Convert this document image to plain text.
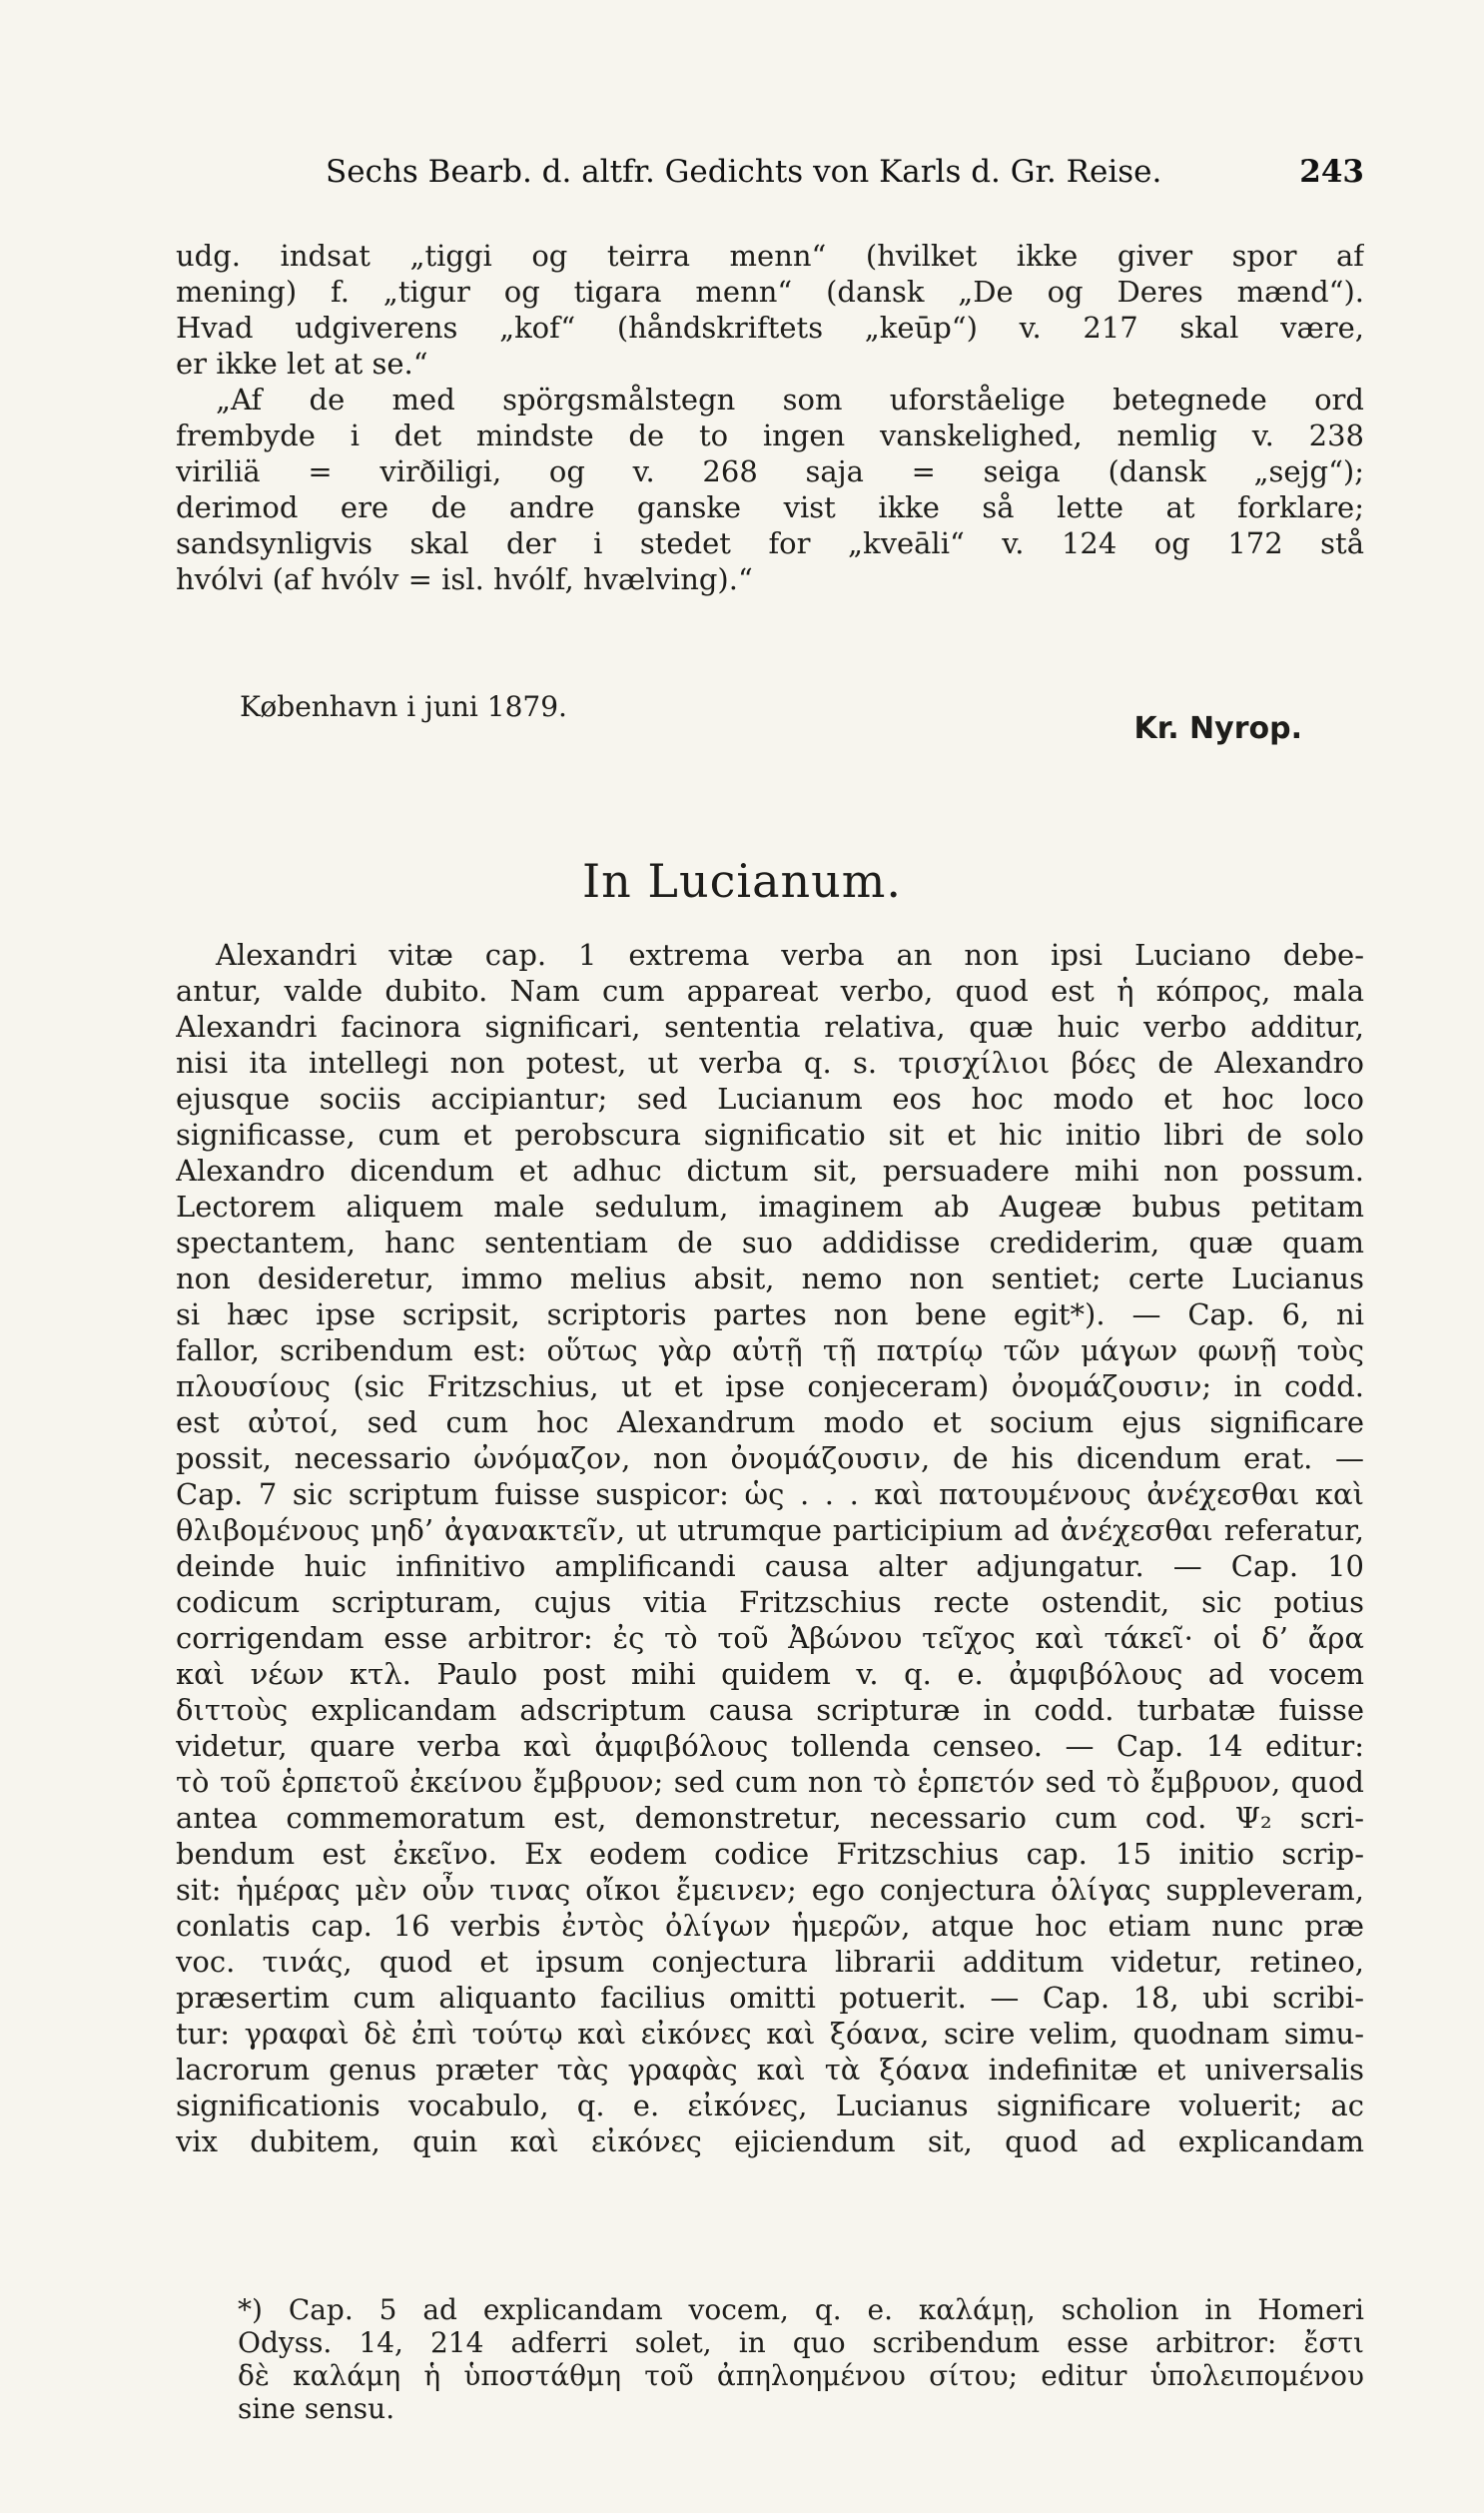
Sechs Bearb. d. altfr. Gedichts von Karls d. Gr. Reise.	243
udg. indsat „tiggi og teirra menn“ (hvilket ikke giver spor af
mening) f. „tigur og tigara menn“ (dansk „De og Deres mænd“).
Hvad udgiverens „kof“ (håndskriftets „keūp“) v. 217 skal være,
er ikke let at se.“
„Af de med spörgsmålstegn som uforståelige betegnede ord
frembyde i det mindste de to ingen vanskelighed, nemlig v. 238
viriliä = virðiligi, og v. 268 saja = seiga (dansk „sejg“);
derimod ere de andre ganske vist ikke så lette at forklare;
sandsynligvis skal der i stedet for „kveāli“ v. 124 og 172 stå
hvólvi (af hvólv = isl. hvólf, hvælving).“
København i juni 1879.
Kr. Nyrop.
In Lucianum.
Alexandri vitæ cap. 1 extrema verba an non ipsi Luciano debe-
antur, valde dubito. Nam cum appareat verbo, quod est ἡ κόπρος, mala
Alexandri facinora significari, sententia relativa, quæ huic verbo additur,
nisi ita intellegi non potest, ut verba q. s. τρισχίλιοι βόες de Alexandro
ejusque sociis accipiantur; sed Lucianum eos hoc modo et hoc loco
significasse, cum et perobscura significatio sit et hic initio libri de solo
Alexandro dicendum et adhuc dictum sit, persuadere mihi non possum.
Lectorem aliquem male sedulum, imaginem ab Augeæ bubus petitam
spectantem, hanc sententiam de suo addidisse crediderim, quæ quam
non desideretur, immo melius absit, nemo non sentiet; certe Lucianus
si hæc ipse scripsit, scriptoris partes non bene egit*). — Cap. 6, ni
fallor, scribendum est: οὕτως γὰρ αὐτῇ τῇ πατρίῳ τῶν μάγων φωνῇ τοὺς
πλουσίους (sic Fritzschius, ut et ipse conjeceram) ὀνομάζουσιν; in codd.
est αὐτοί, sed cum hoc Alexandrum modo et socium ejus significare
possit, necessario ὠνόμαζον, non ὀνομάζουσιν, de his dicendum erat. —
Cap. 7 sic scriptum fuisse suspicor: ὡς . . . καὶ πατουμένους ἀνέχεσθαι καὶ
θλιβομένους μηδ’ ἀγανακτεῖν, ut utrumque participium ad ἀνέχεσθαι referatur,
deinde huic infinitivo amplificandi causa alter adjungatur. — Cap. 10
codicum scripturam, cujus vitia Fritzschius recte ostendit, sic potius
corrigendam esse arbitror: ἐς τὸ τοῦ Ἀβώνου τεῖχος καὶ τάκεῖ· οἱ δ’ ἄρα
καὶ νέων κτλ. Paulo post mihi quidem v. q. e. ἀμφιβόλους ad vocem
διττοὺς explicandam adscriptum causa scripturæ in codd. turbatæ fuisse
videtur, quare verba καὶ ἀμφιβόλους tollenda censeo. — Cap. 14 editur:
τὸ τοῦ ἑρπετοῦ ἐκείνου ἔμβρυον; sed cum non τὸ ἑρπετόν sed τὸ ἔμβρυον, quod
antea commemoratum est, demonstretur, necessario cum cod. Ψ₂ scri-
bendum est ἐκεῖνο. Ex eodem codice Fritzschius cap. 15 initio scrip-
sit: ἡμέρας μὲν οὖν τινας οἴκοι ἔμεινεν; ego conjectura ὀλίγας suppleveram,
conlatis cap. 16 verbis ἐντὸς ὀλίγων ἡμερῶν, atque hoc etiam nunc præ
voc. τινάς, quod et ipsum conjectura librarii additum videtur, retineo,
præsertim cum aliquanto facilius omitti potuerit. — Cap. 18, ubi scribi-
tur: γραφαὶ δὲ ἐπὶ τούτῳ καὶ εἰκόνες καὶ ξόανα, scire velim, quodnam simu-
lacrorum genus præter τὰς γραφὰς καὶ τὰ ξόανα indefinitæ et universalis
significationis vocabulo, q. e. εἰκόνες, Lucianus significare voluerit; ac
vix dubitem, quin καὶ εἰκόνες ejiciendum sit, quod ad explicandam
*) Cap. 5 ad explicandam vocem, q. e. καλάμῃ, scholion in Homeri
Odyss. 14, 214 adferri solet, in quo scribendum esse arbitror: ἔστι
δὲ καλάμη ἡ ὑποστάθμη τοῦ ἀπηλοημένου σίτου; editur ὑπολειπομένου
sine sensu.
